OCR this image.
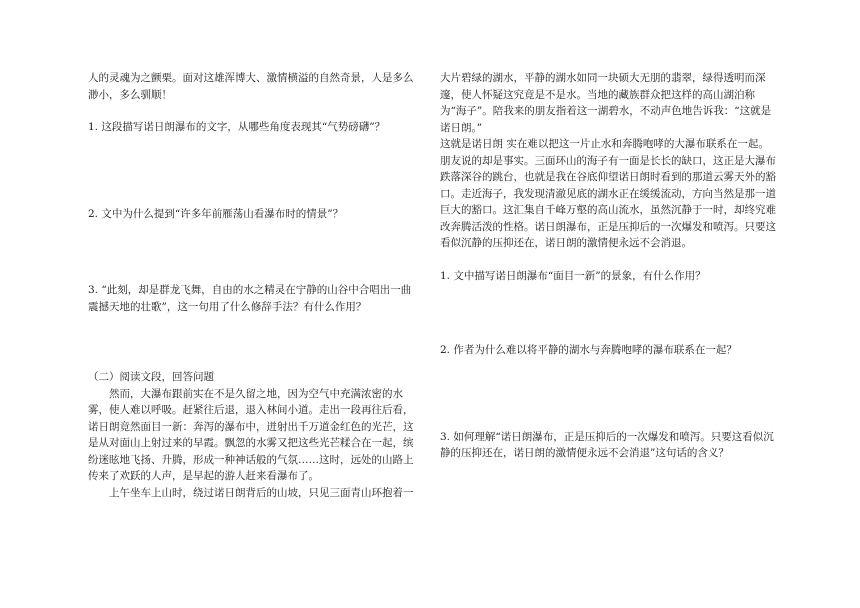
人的灵魂为之颤栗。面对这雄浑博大、激情横溢的自然奇景，人是多么渺小，多么驯顺！

1. 这段描写诺日朗瀑布的文字，从哪些角度表现其“气势磅礴”？

2. 文中为什么提到“许多年前雁荡山看瀑布时的情景”？

3. “此刻，却是群龙飞舞，自由的水之精灵在宁静的山谷中合唱出一曲震撼天地的壮歌”，这一句用了什么修辞手法？有什么作用？

（二）阅读文段，回答问题

然而，大瀑布跟前实在不是久留之地，因为空气中充满浓密的水雾，使人难以呼吸。赶紧往后退，退入林间小道。走出一段再往后看，诺日朗竟然面目一新：奔泻的瀑布中，迸射出千万道金红色的光芒，这是从对面山上射过来的早霞。飘忽的水雾又把这些光芒糅合在一起，缤纷迷眩地飞扬、升腾，形成一种神话般的气氛……这时，远处的山路上传来了欢跃的人声，是早起的游人赶来看瀑布了。

上午坐车上山时，绕过诺日朗背后的山坡，只见三面青山环抱着一

大片碧绿的湖水，平静的湖水如同一块硕大无朋的翡翠，绿得透明而深邃，使人怀疑这究竟是不是水。当地的藏族群众把这样的高山湖泊称为“海子”。陪我来的朋友指着这一湖碧水，不动声色地告诉我：“这就是诺日朗。”

这就是诺日朗 实在难以把这一片止水和奔腾咆哮的大瀑布联系在一起。朋友说的却是事实。三面环山的海子有一面是长长的缺口，这正是大瀑布跌落深谷的跳台，也就是我在谷底仰望诺日朗时看到的那道云雾天外的豁口。走近海子，我发现清澈见底的湖水正在缓缓流动，方向当然是那一道巨大的豁口。这汇集自千峰万壑的高山流水，虽然沉静于一时，却终究难改奔腾活泼的性格。诺日朗瀑布，正是压抑后的一次爆发和喷泻。只要这看似沉静的压抑还在，诺日朗的激情便永远不会消退。

1. 文中描写诺日朗瀑布“面目一新”的景象，有什么作用？

2. 作者为什么难以将平静的湖水与奔腾咆哮的瀑布联系在一起？

3. 如何理解“诺日朗瀑布，正是压抑后的一次爆发和喷泻。只要这看似沉静的压抑还在，诺日朗的激情便永远不会消退”这句话的含义？
